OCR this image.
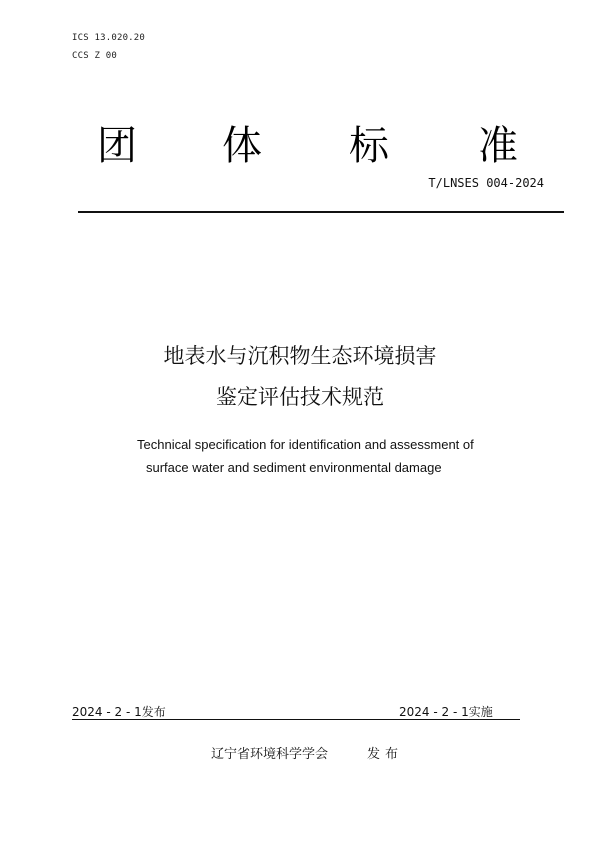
ICS 13.020.20
CCS Z 00
团 体 标 准
T/LNSES 004-2024
地表水与沉积物生态环境损害
鉴定评估技术规范
Technical specification for identification and assessment of
surface water and sediment environmental damage
2024 - 2 - 1发布	2024 - 2 - 1实施
辽宁省环境科学学会	发布
